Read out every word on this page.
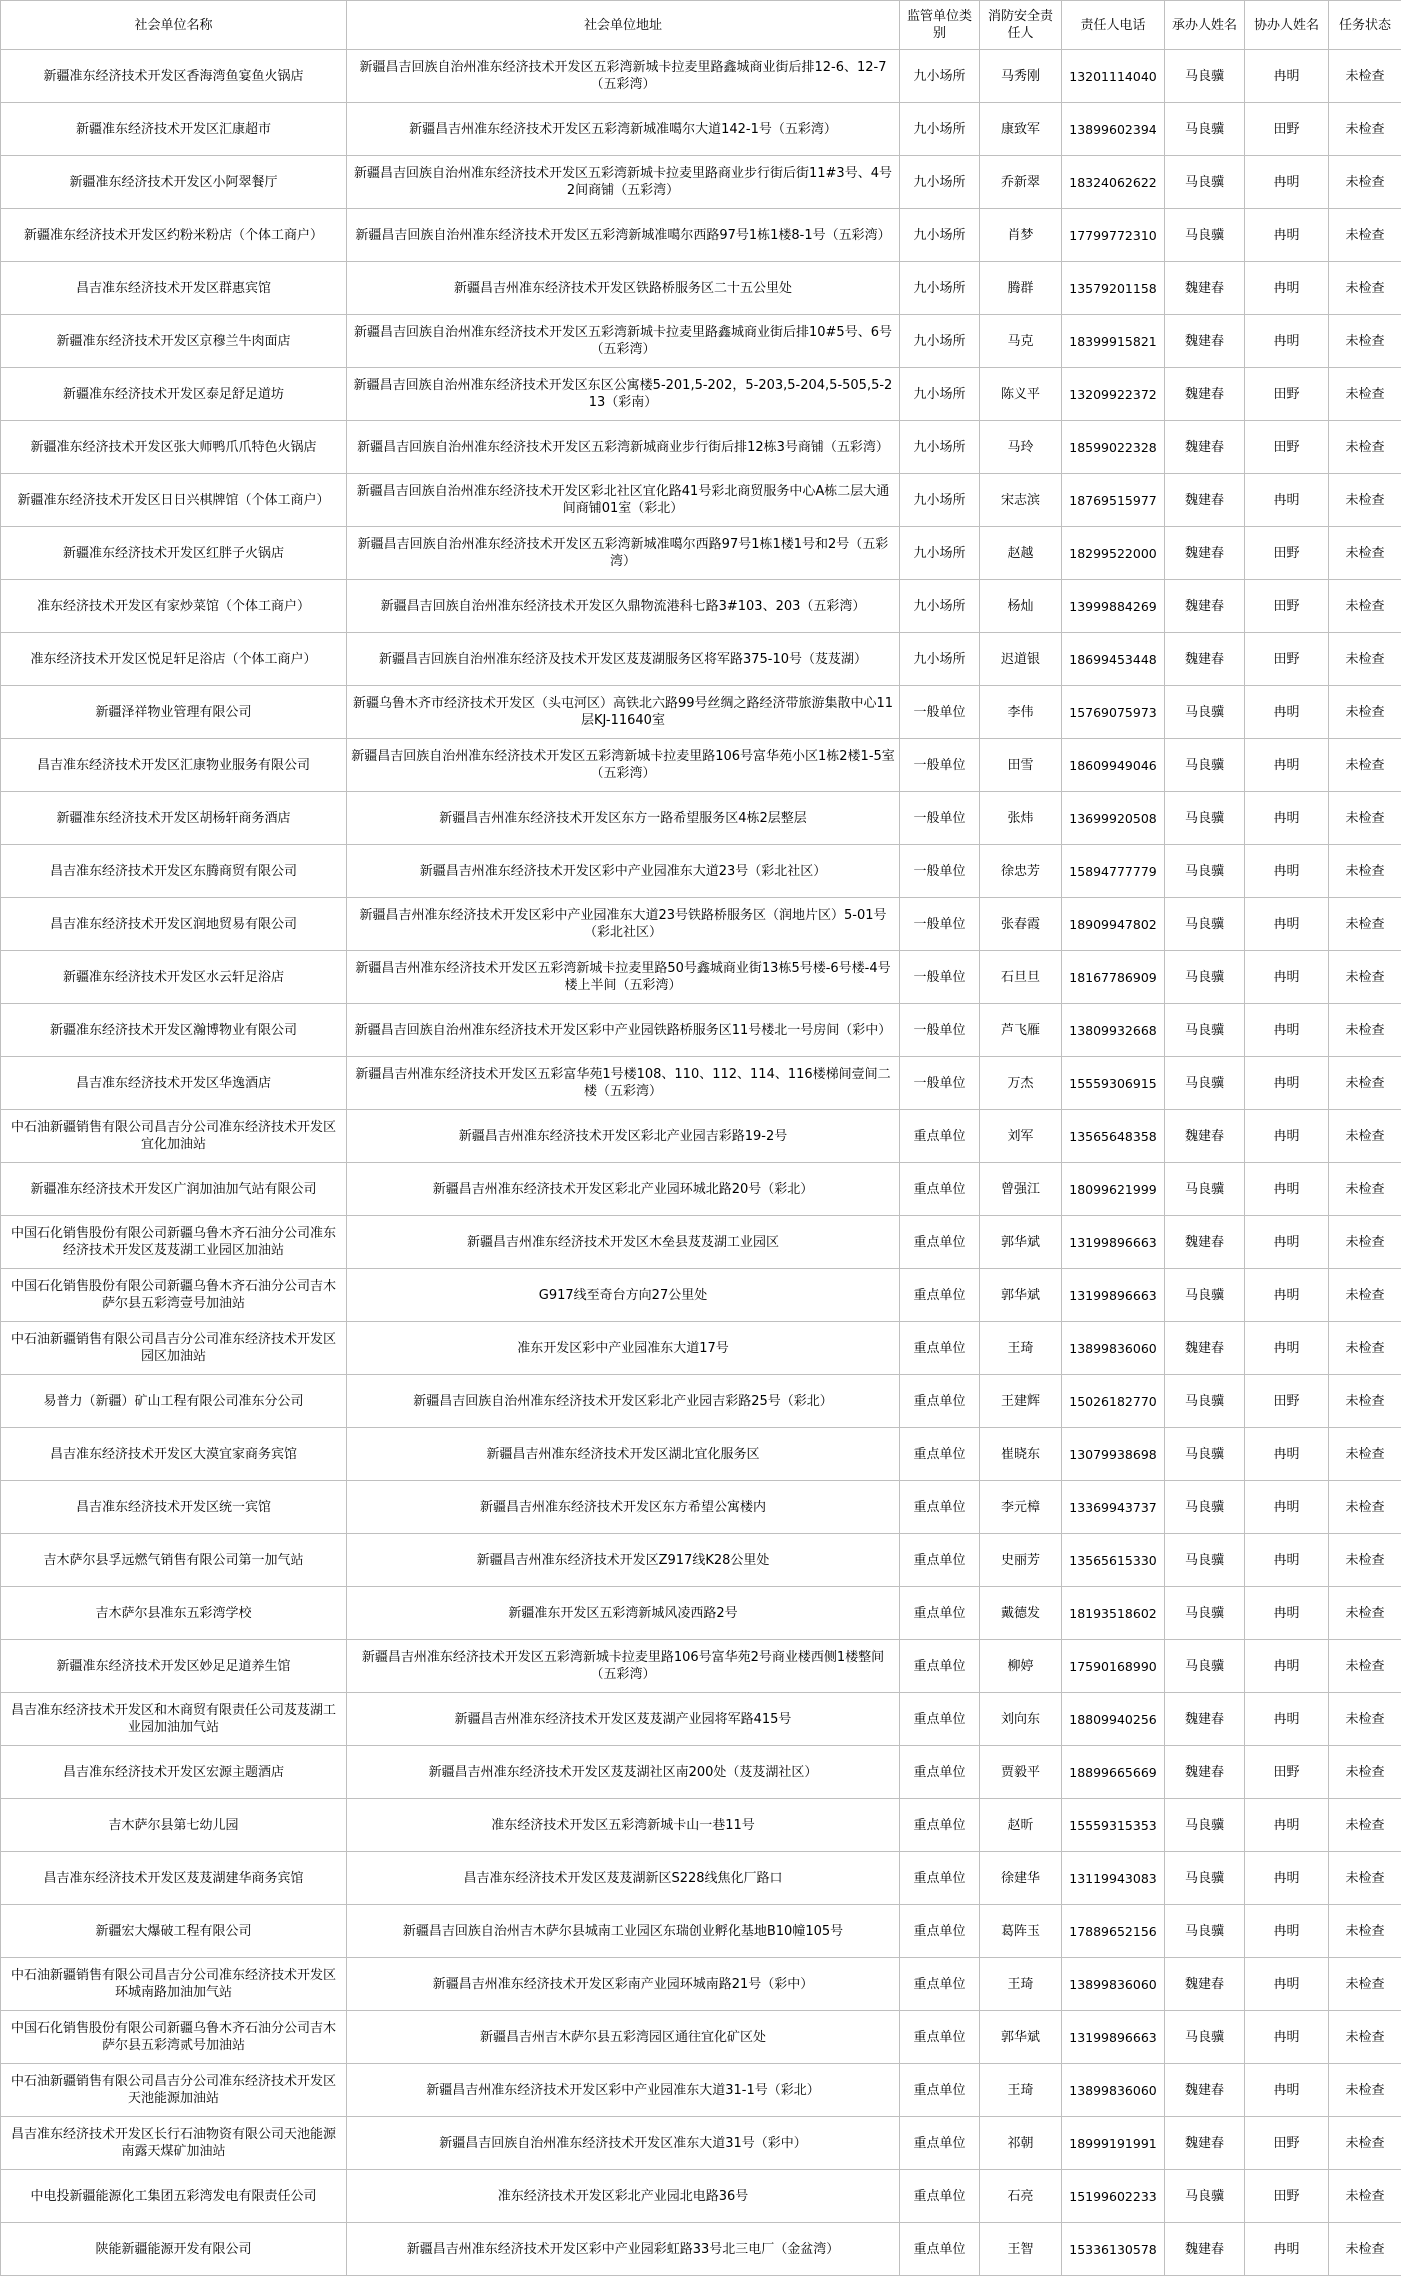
社会单位名称	社会单位地址	监管单位类别	消防安全责任人	责任人电话	承办人姓名	协办人姓名	任务状态
新疆准东经济技术开发区香海湾鱼宴鱼火锅店	新疆昌吉回族自治州准东经济技术开发区五彩湾新城卡拉麦里路鑫城商业街后排12-6、12-7（五彩湾）	九小场所	马秀刚	13201114040	马良骥	冉明	未检查
新疆准东经济技术开发区汇康超市	新疆昌吉州准东经济技术开发区五彩湾新城准噶尔大道142-1号（五彩湾）	九小场所	康致军	13899602394	马良骥	田野	未检查
新疆准东经济技术开发区小阿翠餐厅	新疆昌吉回族自治州准东经济技术开发区五彩湾新城卡拉麦里路商业步行街后街11#3号、4号2间商铺（五彩湾）	九小场所	乔新翠	18324062622	马良骥	冉明	未检查
新疆准东经济技术开发区约粉米粉店（个体工商户）	新疆昌吉回族自治州准东经济技术开发区五彩湾新城准噶尔西路97号1栋1楼8-1号（五彩湾）	九小场所	肖梦	17799772310	马良骥	冉明	未检查
昌吉准东经济技术开发区群惠宾馆	新疆昌吉州准东经济技术开发区铁路桥服务区二十五公里处	九小场所	腾群	13579201158	魏建春	冉明	未检查
新疆准东经济技术开发区京穆兰牛肉面店	新疆昌吉回族自治州准东经济技术开发区五彩湾新城卡拉麦里路鑫城商业街后排10#5号、6号（五彩湾）	九小场所	马克	18399915821	魏建春	冉明	未检查
新疆准东经济技术开发区泰足舒足道坊	新疆昌吉回族自治州准东经济技术开发区东区公寓楼5-201,5-202，5-203,5-204,5-505,5-213（彩南）	九小场所	陈义平	13209922372	魏建春	田野	未检查
新疆准东经济技术开发区张大师鸭爪爪特色火锅店	新疆昌吉回族自治州准东经济技术开发区五彩湾新城商业步行街后排12栋3号商铺（五彩湾）	九小场所	马玲	18599022328	魏建春	田野	未检查
新疆准东经济技术开发区日日兴棋牌馆（个体工商户）	新疆昌吉回族自治州准东经济技术开发区彩北社区宜化路41号彩北商贸服务中心A栋二层大通间商铺01室（彩北）	九小场所	宋志滨	18769515977	魏建春	冉明	未检查
新疆准东经济技术开发区红胖子火锅店	新疆昌吉回族自治州准东经济技术开发区五彩湾新城准噶尔西路97号1栋1楼1号和2号（五彩湾）	九小场所	赵越	18299522000	魏建春	田野	未检查
准东经济技术开发区有家炒菜馆（个体工商户）	新疆昌吉回族自治州准东经济技术开发区久鼎物流港科七路3#103、203（五彩湾）	九小场所	杨灿	13999884269	魏建春	田野	未检查
准东经济技术开发区悦足轩足浴店（个体工商户）	新疆昌吉回族自治州准东经济及技术开发区芨芨湖服务区将军路375-10号（芨芨湖）	九小场所	迟道银	18699453448	魏建春	田野	未检查
新疆泽祥物业管理有限公司	新疆乌鲁木齐市经济技术开发区（头屯河区）高铁北六路99号丝绸之路经济带旅游集散中心11层KJ-11640室	一般单位	李伟	15769075973	马良骥	冉明	未检查
昌吉准东经济技术开发区汇康物业服务有限公司	新疆昌吉回族自治州准东经济技术开发区五彩湾新城卡拉麦里路106号富华苑小区1栋2楼1-5室（五彩湾）	一般单位	田雪	18609949046	马良骥	冉明	未检查
新疆准东经济技术开发区胡杨轩商务酒店	新疆昌吉州准东经济技术开发区东方一路希望服务区4栋2层整层	一般单位	张炜	13699920508	马良骥	冉明	未检查
昌吉准东经济技术开发区东腾商贸有限公司	新疆昌吉州准东经济技术开发区彩中产业园准东大道23号（彩北社区）	一般单位	徐忠芳	15894777779	马良骥	冉明	未检查
昌吉准东经济技术开发区润地贸易有限公司	新疆昌吉州准东经济技术开发区彩中产业园准东大道23号铁路桥服务区（润地片区）5-01号（彩北社区）	一般单位	张春霞	18909947802	马良骥	冉明	未检查
新疆准东经济技术开发区水云轩足浴店	新疆昌吉州准东经济技术开发区五彩湾新城卡拉麦里路50号鑫城商业街13栋5号楼-6号楼-4号楼上半间（五彩湾）	一般单位	石旦旦	18167786909	马良骥	冉明	未检查
新疆准东经济技术开发区瀚博物业有限公司	新疆昌吉回族自治州准东经济技术开发区彩中产业园铁路桥服务区11号楼北一号房间（彩中）	一般单位	芦飞雁	13809932668	马良骥	冉明	未检查
昌吉准东经济技术开发区华逸酒店	新疆昌吉州准东经济技术开发区五彩富华苑1号楼108、110、112、114、116楼梯间壹间二楼（五彩湾）	一般单位	万杰	15559306915	马良骥	冉明	未检查
中石油新疆销售有限公司昌吉分公司准东经济技术开发区宜化加油站	新疆昌吉州准东经济技术开发区彩北产业园吉彩路19-2号	重点单位	刘军	13565648358	魏建春	冉明	未检查
新疆准东经济技术开发区广润加油加气站有限公司	新疆昌吉州准东经济技术开发区彩北产业园环城北路20号（彩北）	重点单位	曾强江	18099621999	马良骥	冉明	未检查
中国石化销售股份有限公司新疆乌鲁木齐石油分公司准东经济技术开发区芨芨湖工业园区加油站	新疆昌吉州准东经济技术开发区木垒县芨芨湖工业园区	重点单位	郭华斌	13199896663	魏建春	冉明	未检查
中国石化销售股份有限公司新疆乌鲁木齐石油分公司吉木萨尔县五彩湾壹号加油站	G917线至奇台方向27公里处	重点单位	郭华斌	13199896663	马良骥	冉明	未检查
中石油新疆销售有限公司昌吉分公司准东经济技术开发区园区加油站	准东开发区彩中产业园准东大道17号	重点单位	王琦	13899836060	魏建春	冉明	未检查
易普力（新疆）矿山工程有限公司准东分公司	新疆昌吉回族自治州准东经济技术开发区彩北产业园吉彩路25号（彩北）	重点单位	王建辉	15026182770	马良骥	田野	未检查
昌吉准东经济技术开发区大漠宜家商务宾馆	新疆昌吉州准东经济技术开发区湖北宜化服务区	重点单位	崔晓东	13079938698	马良骥	冉明	未检查
昌吉准东经济技术开发区统一宾馆	新疆昌吉州准东经济技术开发区东方希望公寓楼内	重点单位	李元樟	13369943737	马良骥	冉明	未检查
吉木萨尔县孚远燃气销售有限公司第一加气站	新疆昌吉州准东经济技术开发区Z917线K28公里处	重点单位	史丽芳	13565615330	马良骥	冉明	未检查
吉木萨尔县准东五彩湾学校	新疆准东开发区五彩湾新城风凌西路2号	重点单位	戴德发	18193518602	马良骥	冉明	未检查
新疆准东经济技术开发区妙足足道养生馆	新疆昌吉州准东经济技术开发区五彩湾新城卡拉麦里路106号富华苑2号商业楼西侧1楼整间（五彩湾）	重点单位	柳婷	17590168990	马良骥	冉明	未检查
昌吉准东经济技术开发区和木商贸有限责任公司芨芨湖工业园加油加气站	新疆昌吉州准东经济技术开发区芨芨湖产业园将军路415号	重点单位	刘向东	18809940256	魏建春	冉明	未检查
昌吉准东经济技术开发区宏源主题酒店	新疆昌吉州准东经济技术开发区芨芨湖社区南200处（芨芨湖社区）	重点单位	贾毅平	18899665669	魏建春	田野	未检查
吉木萨尔县第七幼儿园	准东经济技术开发区五彩湾新城卡山一巷11号	重点单位	赵昕	15559315353	马良骥	冉明	未检查
昌吉准东经济技术开发区芨芨湖建华商务宾馆	昌吉准东经济技术开发区芨芨湖新区S228线焦化厂路口	重点单位	徐建华	13119943083	马良骥	冉明	未检查
新疆宏大爆破工程有限公司	新疆昌吉回族自治州吉木萨尔县城南工业园区东瑞创业孵化基地B10幢105号	重点单位	葛阵玉	17889652156	马良骥	冉明	未检查
中石油新疆销售有限公司昌吉分公司准东经济技术开发区环城南路加油加气站	新疆昌吉州准东经济技术开发区彩南产业园环城南路21号（彩中）	重点单位	王琦	13899836060	魏建春	冉明	未检查
中国石化销售股份有限公司新疆乌鲁木齐石油分公司吉木萨尔县五彩湾贰号加油站	新疆昌吉州吉木萨尔县五彩湾园区通往宜化矿区处	重点单位	郭华斌	13199896663	马良骥	冉明	未检查
中石油新疆销售有限公司昌吉分公司准东经济技术开发区天池能源加油站	新疆昌吉州准东经济技术开发区彩中产业园准东大道31-1号（彩北）	重点单位	王琦	13899836060	魏建春	冉明	未检查
昌吉准东经济技术开发区长行石油物资有限公司天池能源南露天煤矿加油站	新疆昌吉回族自治州准东经济技术开发区准东大道31号（彩中）	重点单位	祁朝	18999191991	魏建春	田野	未检查
中电投新疆能源化工集团五彩湾发电有限责任公司	准东经济技术开发区彩北产业园北电路36号	重点单位	石亮	15199602233	马良骥	田野	未检查
陕能新疆能源开发有限公司	新疆昌吉州准东经济技术开发区彩中产业园彩虹路33号北三电厂（金盆湾）	重点单位	王智	15336130578	魏建春	冉明	未检查
